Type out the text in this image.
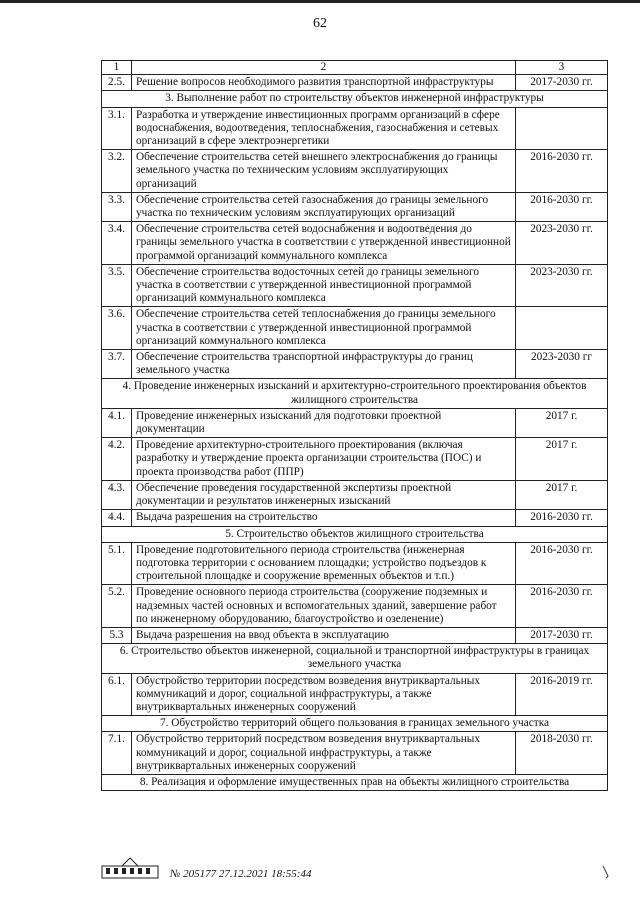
62
1	2	3
2.5.	Решение вопросов необходимого развития транспортной инфраструктуры	2017-2030 гг.
3. Выполнение работ по строительству объектов инженерной инфраструктуры		
3.1.	Разработка и утверждение инвестиционных программ организаций в сфере водоснабжения, водоотведения, теплоснабжения, газоснабжения и сетевых организаций в сфере электроэнергетики	
3.2.	Обеспечение строительства сетей внешнего электроснабжения до границы земельного участка по техническим условиям эксплуатирующих организаций	2016-2030 гг.
3.3.	Обеспечение строительства сетей газоснабжения до границы земельного участка по техническим условиям эксплуатирующих организаций	2016-2030 гг.
3.4.	Обеспечение строительства сетей водоснабжения и водоотведения до границы земельного участка в соответствии с утвержденной инвестиционной программой организаций коммунального комплекса	2023-2030 гг.
3.5.	Обеспечение строительства водосточных сетей до границы земельного участка в соответствии с утвержденной инвестиционной программой организаций коммунального комплекса	2023-2030 гг.
3.6.	Обеспечение строительства сетей теплоснабжения до границы земельного участка в соответствии с утвержденной инвестиционной программой организаций коммунального комплекса	
3.7.	Обеспечение строительства транспортной инфраструктуры до границ земельного участка	2023-2030 гг
4. Проведение инженерных изысканий и архитектурно-строительного проектирования объектов жилищного строительства		
4.1.	Проведение инженерных изысканий для подготовки проектной документации	2017 г.
4.2.	Проведение архитектурно-строительного проектирования (включая разработку и утверждение проекта организации строительства (ПОС) и проекта производства работ (ППР)	2017 г.
4.3.	Обеспечение проведения государственной экспертизы проектной документации и результатов инженерных изысканий	2017 г.
4.4.	Выдача разрешения на строительство	2016-2030 гг.
5. Строительство объектов жилищного строительства		
5.1.	Проведение подготовительного периода строительства (инженерная подготовка территории с основанием площадки; устройство подъездов к строительной площадке и сооружение временных объектов и т.п.)	2016-2030 гг.
5.2.	Проведение основного периода строительства (сооружение подземных и надземных частей основных и вспомогательных зданий, завершение работ по инженерному оборудованию, благоустройство и озеленение)	2016-2030 гг.
5.3	Выдача разрешения на ввод объекта в эксплуатацию	2017-2030 гг.
6. Строительство объектов инженерной, социальной и транспортной инфраструктуры в границах земельного участка		
6.1.	Обустройство территории посредством возведения внутриквартальных коммуникаций и дорог, социальной инфраструктуры, а также внутриквартальных инженерных сооружений	2016-2019 гг.
7. Обустройство территорий общего пользования в границах земельного участка		
7.1.	Обустройство территорий посредством возведения внутриквартальных коммуникаций и дорог, социальной инфраструктуры, а также внутриквартальных инженерных сооружений	2018-2030 гг.
8. Реализация и оформление имущественных прав на объекты жилищного строительства		
№ 205177 27.12.2021 18:55:44
